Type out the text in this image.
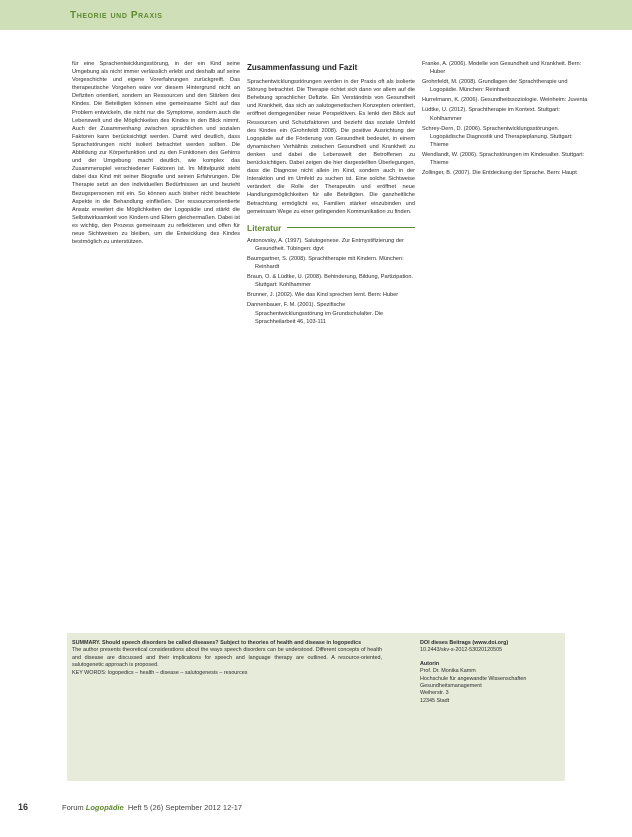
Theorie und Praxis

für eine Sprachentwicklungsstörung, in der ein Kind seine Umgebung als nicht immer verlässlich erlebt und deshalb auf seine Vorgeschichte und eigene Vorerfahrungen zurückgreift. Das therapeutische Vorgehen wäre vor diesem Hintergrund nicht an Defiziten orientiert, sondern an Ressourcen und den Stärken des Kindes. Die Beteiligten können eine gemeinsame Sicht auf das Problem entwickeln, die nicht nur die Symptome, sondern auch die Lebenswelt und die Möglichkeiten des Kindes in den Blick nimmt. Auch der Zusammenhang zwischen sprachlichen und sozialen Faktoren kann berücksichtigt werden. Damit wird deutlich, dass Sprachstörungen nicht isoliert betrachtet werden sollten. Die Abbildung zur Körperfunktion und zu den Funktionen des Gehirns und der Umgebung macht deutlich, wie komplex das Zusammenspiel verschiedener Faktoren ist. Im Mittelpunkt steht dabei das Kind mit seiner Biografie und seinen Erfahrungen. Die Therapie setzt an den individuellen Bedürfnissen an und bezieht Bezugspersonen mit ein. So können auch bisher nicht beachtete Aspekte in die Behandlung einfließen. Der ressourcenorientierte Ansatz erweitert die Möglichkeiten der Logopädie und stärkt die Selbstwirksamkeit von Kindern und Eltern gleichermaßen. Dabei ist es wichtig, den Prozess gemeinsam zu reflektieren und offen für neue Sichtweisen zu bleiben, um die Entwicklung des Kindes bestmöglich zu unterstützen.

Zusammenfassung und Fazit

Sprachentwicklungsstörungen werden in der Praxis oft als isolierte Störung betrachtet. Die Therapie richtet sich dann vor allem auf die Behebung sprachlicher Defizite. Ein Verständnis von Gesundheit und Krankheit, das sich an salutogenetischen Konzepten orientiert, eröffnet demgegenüber neue Perspektiven. Es lenkt den Blick auf Ressourcen und Schutzfaktoren und bezieht das soziale Umfeld des Kindes ein (Grohnfeldt 2008). Die positive Ausrichtung der Logopädie auf die Förderung von Gesundheit bedeutet, in einem dynamischen Verhältnis zwischen Gesundheit und Krankheit zu denken und dabei die Lebenswelt der Betroffenen zu berücksichtigen. Dabei zeigen die hier dargestellten Überlegungen, dass die Diagnose nicht allein im Kind, sondern auch in der Interaktion und im Umfeld zu suchen ist. Eine solche Sichtweise verändert die Rolle der Therapeutin und eröffnet neue Handlungsmöglichkeiten für alle Beteiligten. Die ganzheitliche Betrachtung ermöglicht es, Familien stärker einzubinden und gemeinsam Wege zu einer gelingenden Kommunikation zu finden.

Literatur

Antonovsky, A. (1997). Salutogenese. Zur Entmystifizierung der Gesundheit. Tübingen: dgvt

Baumgartner, S. (2008). Sprachtherapie mit Kindern. München: Reinhardt

Braun, O. & Lüdtke, U. (2008). Behinderung, Bildung, Partizipation. Stuttgart: Kohlhammer

Brunner, J. (2002). Wie das Kind sprechen lernt. Bern: Huber

Dannenbauer, F. M. (2001). Spezifische Sprachentwicklungsstörung im Grundschulalter. Die Sprachheilarbeit 46, 103-111

Franke, A. (2006). Modelle von Gesundheit und Krankheit. Bern: Huber

Grohnfeldt, M. (2008). Grundlagen der Sprachtherapie und Logopädie. München: Reinhardt

Hurrelmann, K. (2006). Gesundheitssoziologie. Weinheim: Juventa

Lüdtke, U. (2012). Sprachtherapie im Kontext. Stuttgart: Kohlhammer

Schrey-Dern, D. (2006). Sprachentwicklungsstörungen. Logopädische Diagnostik und Therapieplanung. Stuttgart: Thieme

Wendlandt, W. (2006). Sprachstörungen im Kindesalter. Stuttgart: Thieme

Zollinger, B. (2007). Die Entdeckung der Sprache. Bern: Haupt

SUMMARY. Should speech disorders be called diseases? Subject to theories of health and disease in logopedics

The author presents theoretical considerations about the ways speech disorders can be understood. Different concepts of health and disease are discussed and their implications for speech and language therapy are outlined. A resource-oriented, salutogenetic approach is proposed.

KEY WORDS: logopedics – health – disease – salutogenesis – resources

DOI dieses Beitrags (www.doi.org)

10.2443/skv-s-2012-53020120505

Autorin

Prof. Dr. Monika Kamm

Hochschule für angewandte Wissenschaften

Gesundheitsmanagement

Weiherstr. 3

12345 Stadt

16	Forum Logopädie Heft 5 (26) September 2012 12-17
